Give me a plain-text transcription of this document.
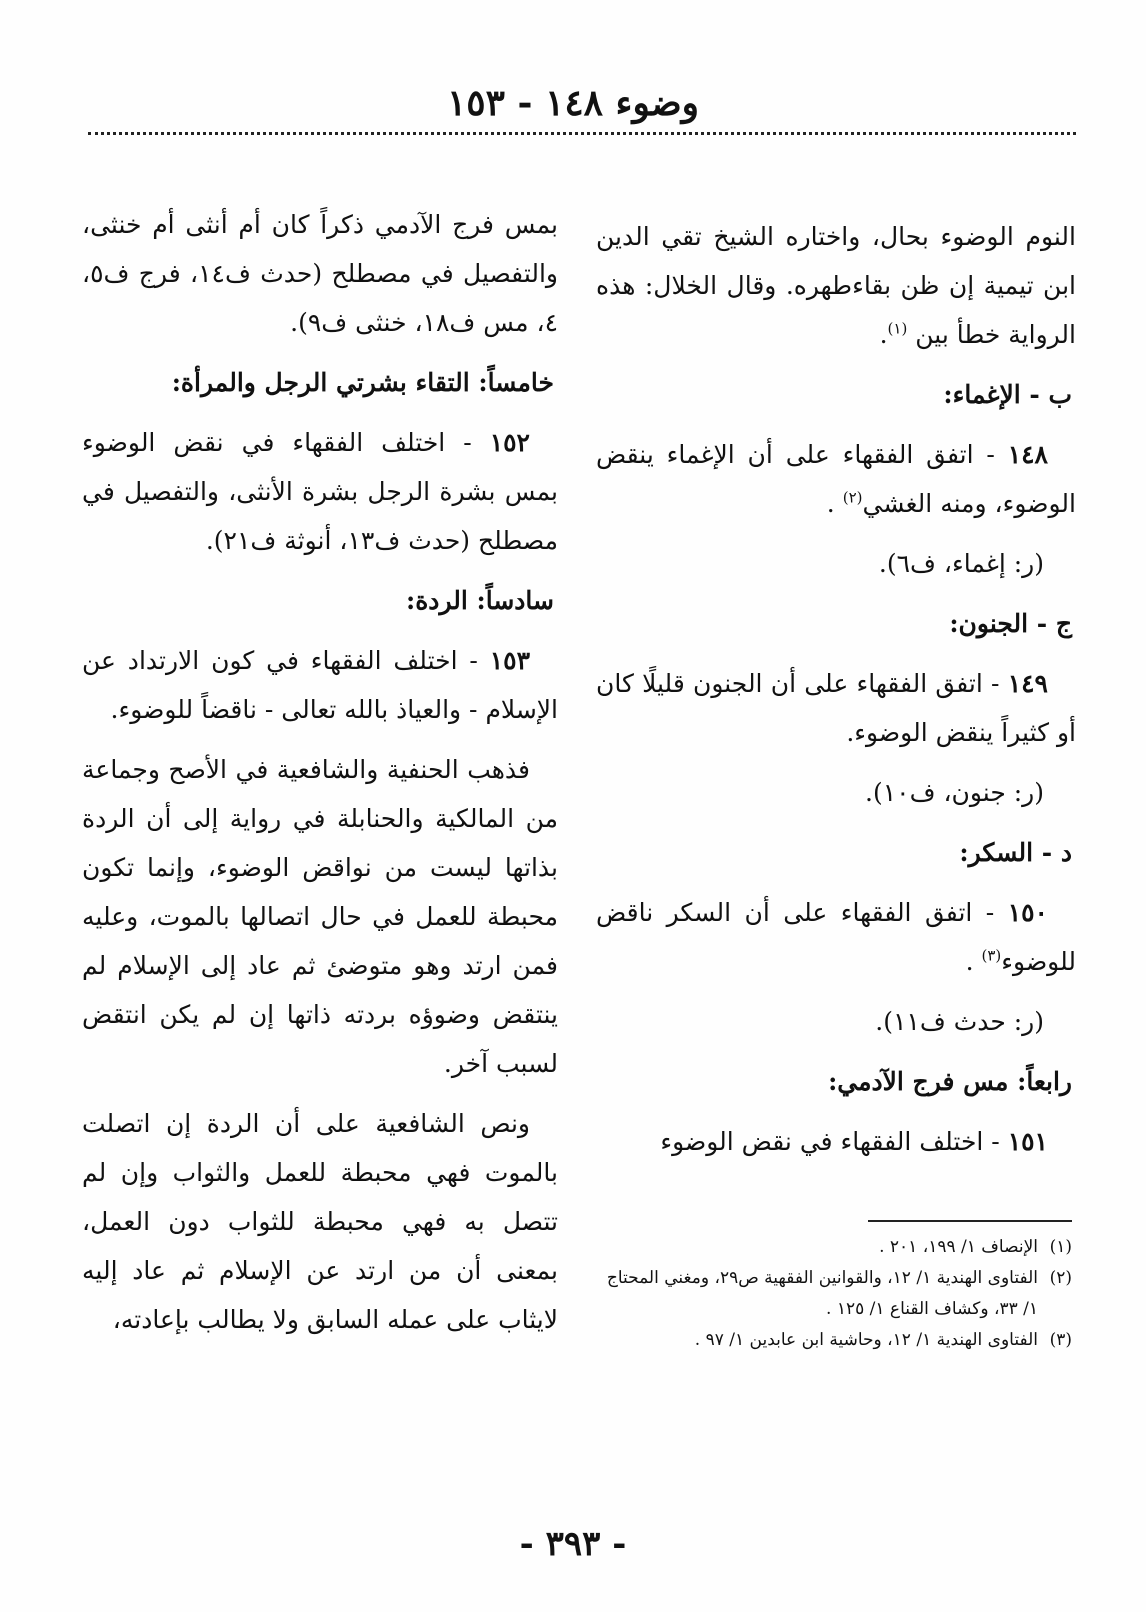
وضوء ١٤٨ - ١٥٣

النوم الوضوء بحال، واختاره الشيخ تقي الدين ابن تيمية إن ظن بقاءطهره. وقال الخلال: هذه الرواية خطأ بين $^{(١)}$.

ب - الإغماء:

١٤٨ - اتفق الفقهاء على أن الإغماء ينقض الوضوء، ومنه الغشي$^{(٢)}$ .

(ر: إغماء، ف٦).

ج - الجنون:

١٤٩ - اتفق الفقهاء على أن الجنون قليلًا كان أو كثيراً ينقض الوضوء.

(ر: جنون، ف١٠).

د - السكر:

١٥٠ - اتفق الفقهاء على أن السكر ناقض للوضوء$^{(٣)}$ .

(ر: حدث ف١١).

رابعاً: مس فرج الآدمي:

١٥١ - اختلف الفقهاء في نقض الوضوء

بمس فرج الآدمي ذكراً كان أم أنثى أم خنثى، والتفصيل في مصطلح (حدث ف١٤، فرج ف٥، ٤، مس ف١٨، خنثى ف٩).

خامساً: التقاء بشرتي الرجل والمرأة:

١٥٢ - اختلف الفقهاء في نقض الوضوء بمس بشرة الرجل بشرة الأنثى، والتفصيل في مصطلح (حدث ف١٣، أنوثة ف٢١).

سادساً: الردة:

١٥٣ - اختلف الفقهاء في كون الارتداد عن الإسلام - والعياذ بالله تعالى - ناقضاً للوضوء.

فذهب الحنفية والشافعية في الأصح وجماعة من المالكية والحنابلة في رواية إلى أن الردة بذاتها ليست من نواقض الوضوء، وإنما تكون محبطة للعمل في حال اتصالها بالموت، وعليه فمن ارتد وهو متوضئ ثم عاد إلى الإسلام لم ينتقض وضوؤه بردته ذاتها إن لم يكن انتقض لسبب آخر.

ونص الشافعية على أن الردة إن اتصلت بالموت فهي محبطة للعمل والثواب وإن لم تتصل به فهي محبطة للثواب دون العمل، بمعنى أن من ارتد عن الإسلام ثم عاد إليه لايثاب على عمله السابق ولا يطالب بإعادته،

(١)
الإنصاف ١/ ١٩٩، ٢٠١ .
(٢)
الفتاوى الهندية ١/ ١٢، والقوانين الفقهية ص٢٩، ومغني المحتاج ١/ ٣٣، وكشاف القناع ١/ ١٢٥ .
(٣)
الفتاوى الهندية ١/ ١٢، وحاشية ابن عابدين ١/ ٩٧ .
- ٣٩٣ -
